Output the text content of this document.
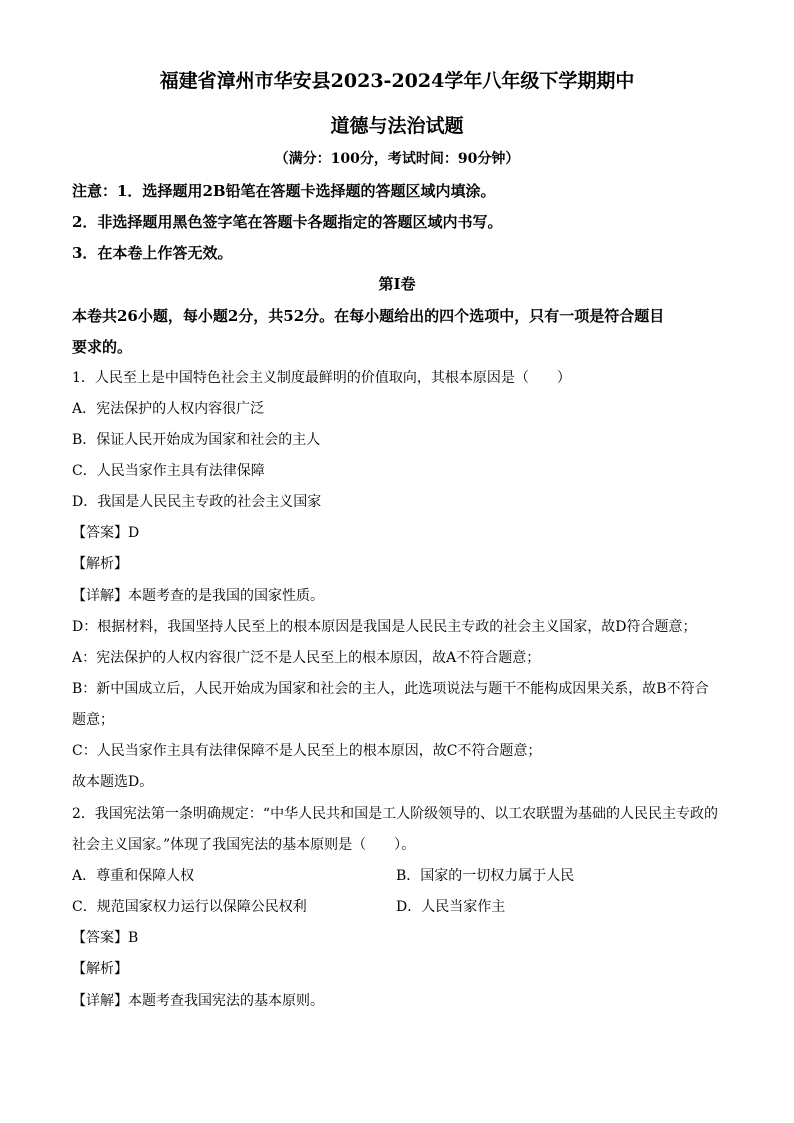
福建省漳州市华安县2023-2024学年八年级下学期期中
道德与法治试题
（满分：100分，考试时间：90分钟）
注意：1．选择题用2B铅笔在答题卡选择题的答题区域内填涂。
2．非选择题用黑色签字笔在答题卡各题指定的答题区域内书写。
3．在本卷上作答无效。
第Ⅰ卷
本卷共26小题，每小题2分，共52分。在每小题给出的四个选项中，只有一项是符合题目
要求的。
1．人民至上是中国特色社会主义制度最鲜明的价值取向，其根本原因是（　　）
A．宪法保护的人权内容很广泛
B．保证人民开始成为国家和社会的主人
C．人民当家作主具有法律保障
D．我国是人民民主专政的社会主义国家
【答案】D
【解析】
【详解】本题考查的是我国的国家性质。
D：根据材料，我国坚持人民至上的根本原因是我国是人民民主专政的社会主义国家，故D符合题意；
A：宪法保护的人权内容很广泛不是人民至上的根本原因，故A不符合题意；
B：新中国成立后，人民开始成为国家和社会的主人，此选项说法与题干不能构成因果关系，故B不符合
题意；
C：人民当家作主具有法律保障不是人民至上的根本原因，故C不符合题意；
故本题选D。
2．我国宪法第一条明确规定：“中华人民共和国是工人阶级领导的、以工农联盟为基础的人民民主专政的
社会主义国家。”体现了我国宪法的基本原则是（　　）。
A．尊重和保障人权	B．国家的一切权力属于人民
C．规范国家权力运行以保障公民权利	D．人民当家作主
【答案】B
【解析】
【详解】本题考查我国宪法的基本原则。
